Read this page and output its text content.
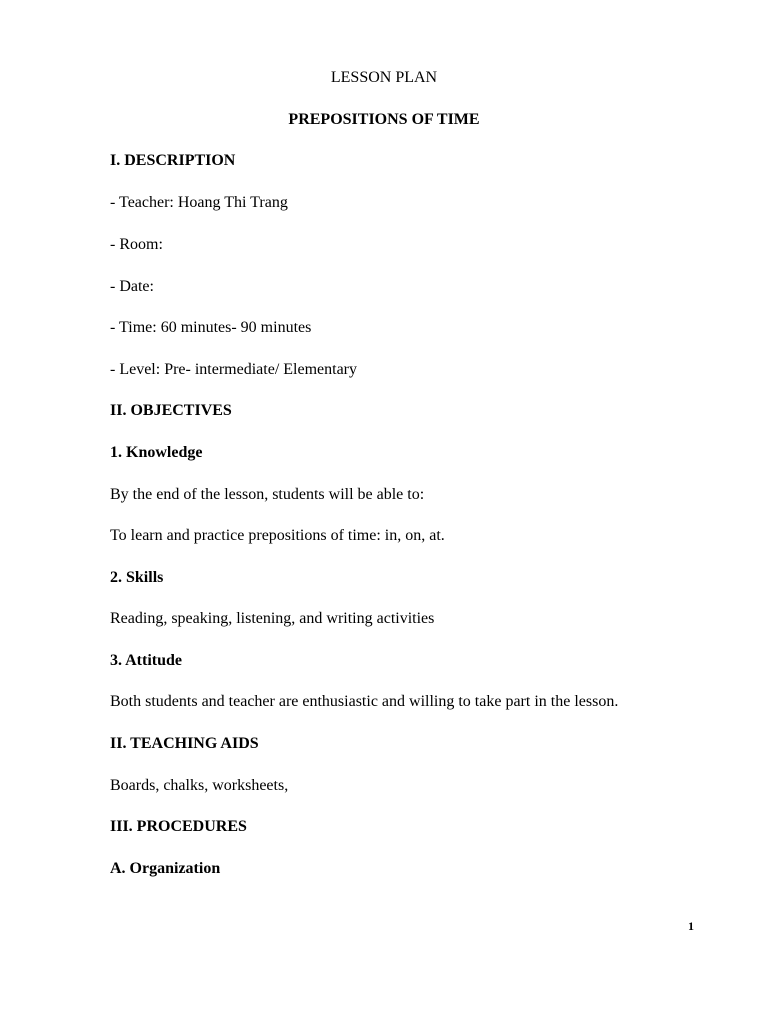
LESSON PLAN

PREPOSITIONS OF TIME

I. DESCRIPTION

- Teacher: Hoang Thi Trang

- Room:

- Date:

- Time: 60 minutes- 90 minutes

- Level: Pre- intermediate/ Elementary

II. OBJECTIVES

1. Knowledge

By the end of the lesson, students will be able to:

To learn and practice prepositions of time: in, on, at.

2. Skills

Reading, speaking, listening, and writing activities

3. Attitude

Both students and teacher are enthusiastic and willing to take part in the lesson.

II. TEACHING AIDS

Boards, chalks, worksheets,

III. PROCEDURES

A. Organization

1
